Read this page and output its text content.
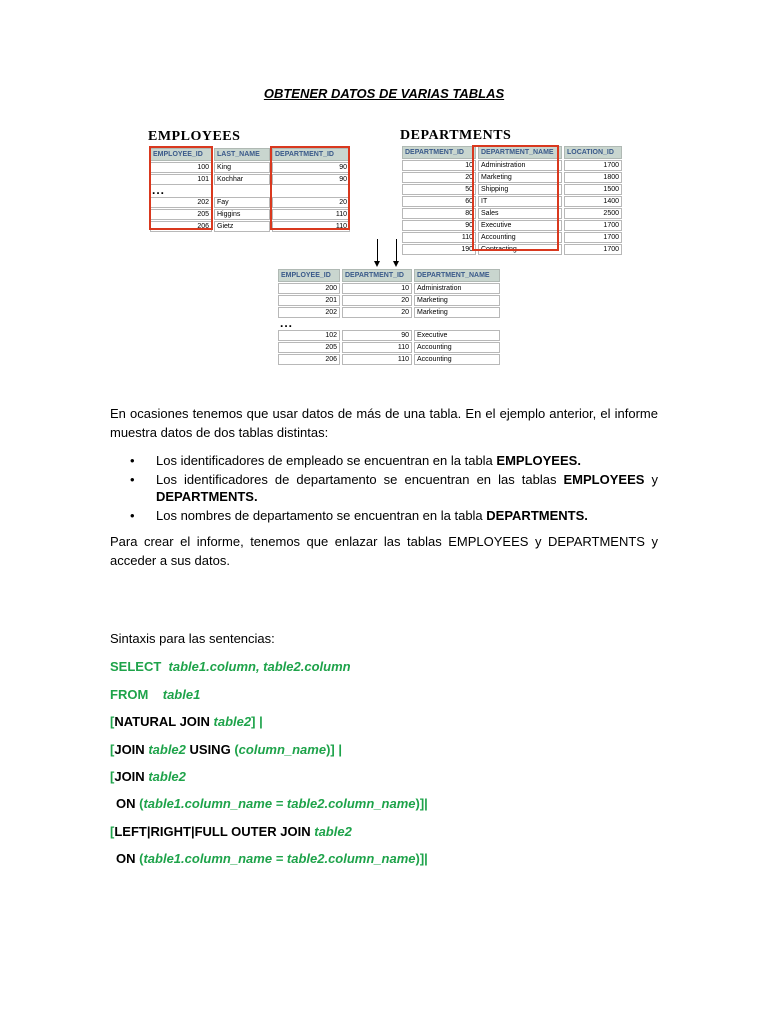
OBTENER DATOS DE VARIAS TABLAS
EMPLOYEES
EMPLOYEE_ID	LAST_NAME	DEPARTMENT_ID
100	King	90
101	Kochhar	90
...		
202	Fay	20
205	Higgins	110
206	Gietz	110
DEPARTMENTS
DEPARTMENT_ID	DEPARTMENT_NAME	LOCATION_ID
10	Administration	1700
20	Marketing	1800
50	Shipping	1500
60	IT	1400
80	Sales	2500
90	Executive	1700
110	Accounting	1700
190	Contracting	1700
EMPLOYEE_ID	DEPARTMENT_ID	DEPARTMENT_NAME
200	10	Administration
201	20	Marketing
202	20	Marketing
...		
102	90	Executive
205	110	Accounting
206	110	Accounting
En ocasiones tenemos que usar datos de más de una tabla. En el ejemplo anterior, el informe muestra datos de dos tablas distintas:
• Los identificadores de empleado se encuentran en la tabla EMPLOYEES.
• Los identificadores de departamento se encuentran en las tablas EMPLOYEES y DEPARTMENTS.
• Los nombres de departamento se encuentran en la tabla DEPARTMENTS.
Para crear el informe, tenemos que enlazar las tablas EMPLOYEES y DEPARTMENTS y acceder a sus datos.
Sintaxis para las sentencias:
SELECT table1.column, table2.column
FROM table1
[NATURAL JOIN table2] |
[JOIN table2 USING (column_name)] |
[JOIN table2
ON (table1.column_name = table2.column_name)]|
[LEFT|RIGHT|FULL OUTER JOIN table2
ON (table1.column_name = table2.column_name)]|
